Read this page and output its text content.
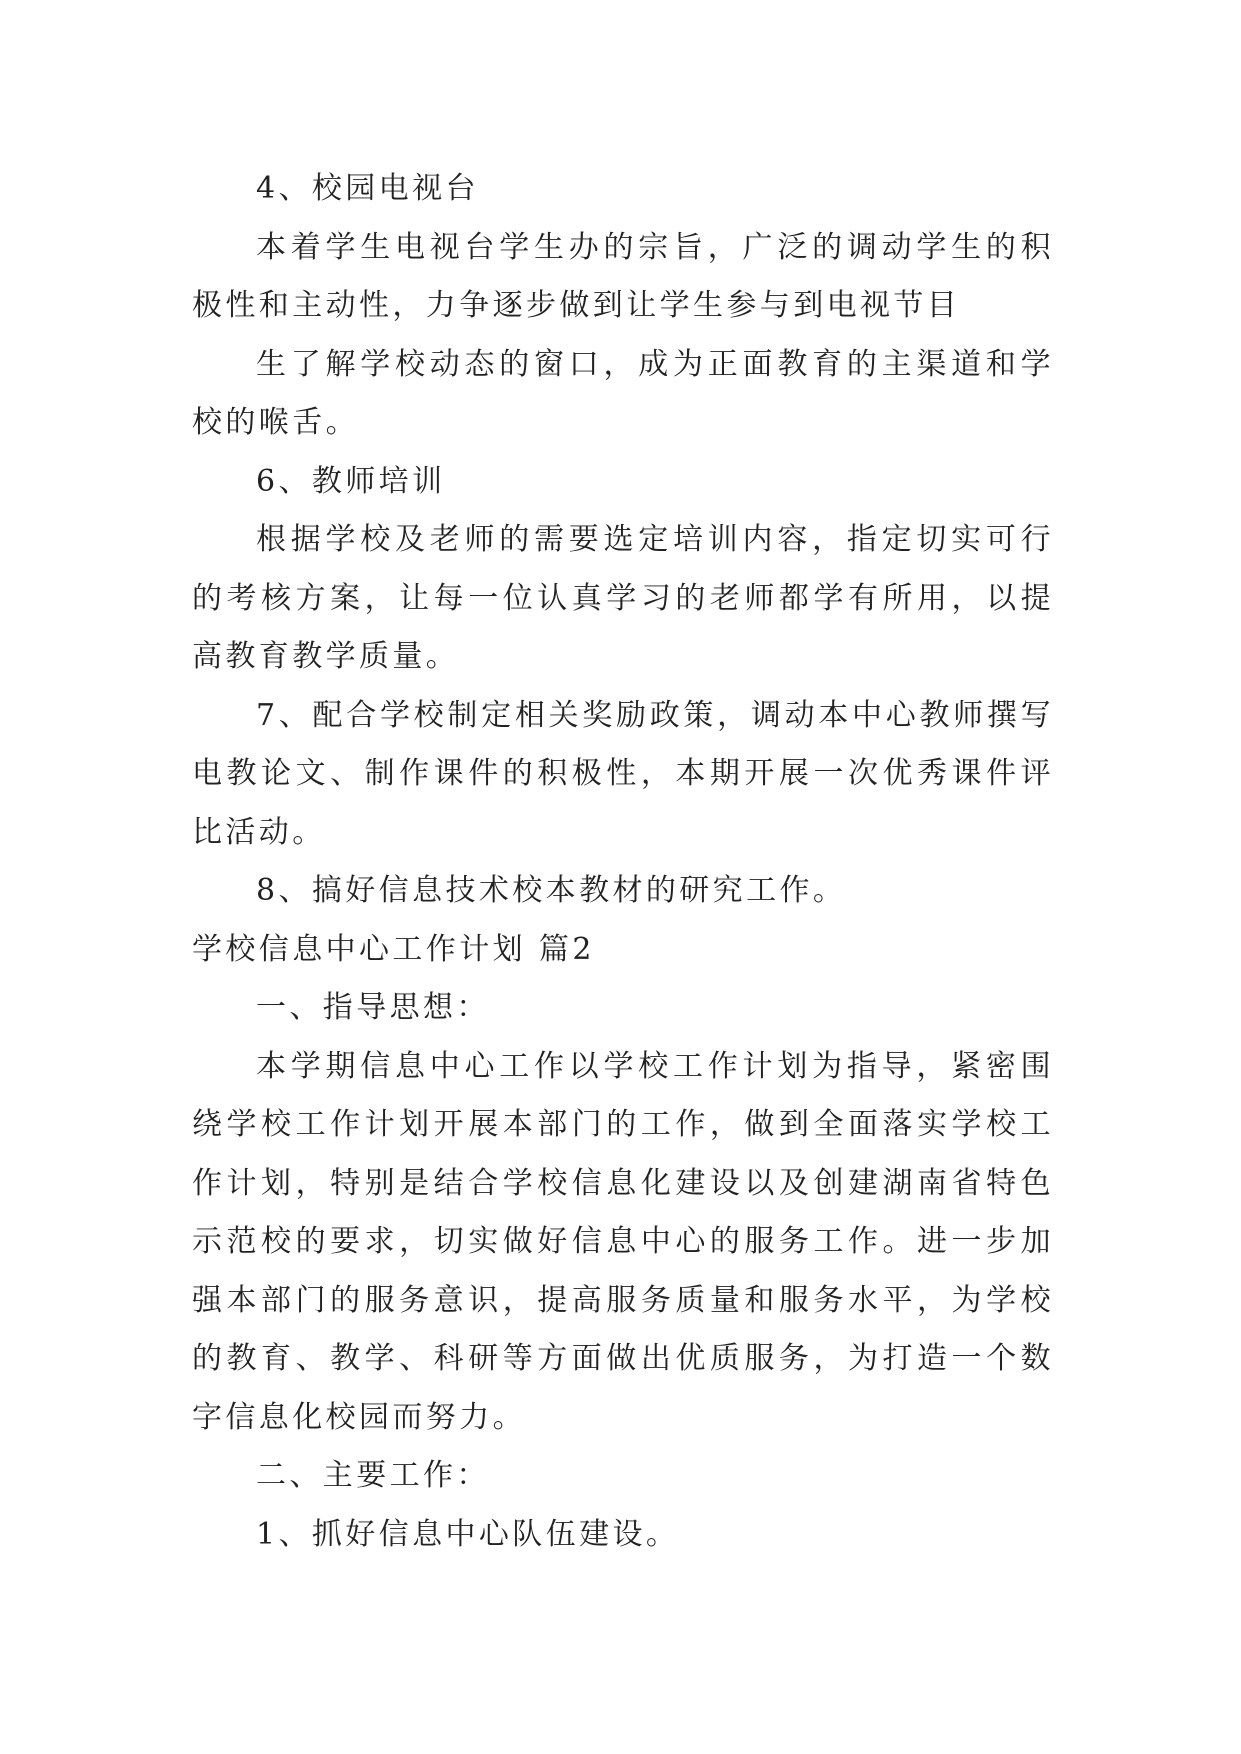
4、校园电视台

本着学生电视台学生办的宗旨，广泛的调动学生的积极性和主动性，力争逐步做到让学生参与到电视节目

生了解学校动态的窗口，成为正面教育的主渠道和学校的喉舌。

6、教师培训

根据学校及老师的需要选定培训内容，指定切实可行的考核方案，让每一位认真学习的老师都学有所用，以提高教育教学质量。

7、配合学校制定相关奖励政策，调动本中心教师撰写电教论文、制作课件的积极性，本期开展一次优秀课件评比活动。

8、搞好信息技术校本教材的研究工作。

学校信息中心工作计划 篇2

一、指导思想：

本学期信息中心工作以学校工作计划为指导，紧密围绕学校工作计划开展本部门的工作，做到全面落实学校工作计划，特别是结合学校信息化建设以及创建湖南省特色示范校的要求，切实做好信息中心的服务工作。进一步加强本部门的服务意识，提高服务质量和服务水平，为学校的教育、教学、科研等方面做出优质服务，为打造一个数字信息化校园而努力。

二、主要工作：

1、抓好信息中心队伍建设。
